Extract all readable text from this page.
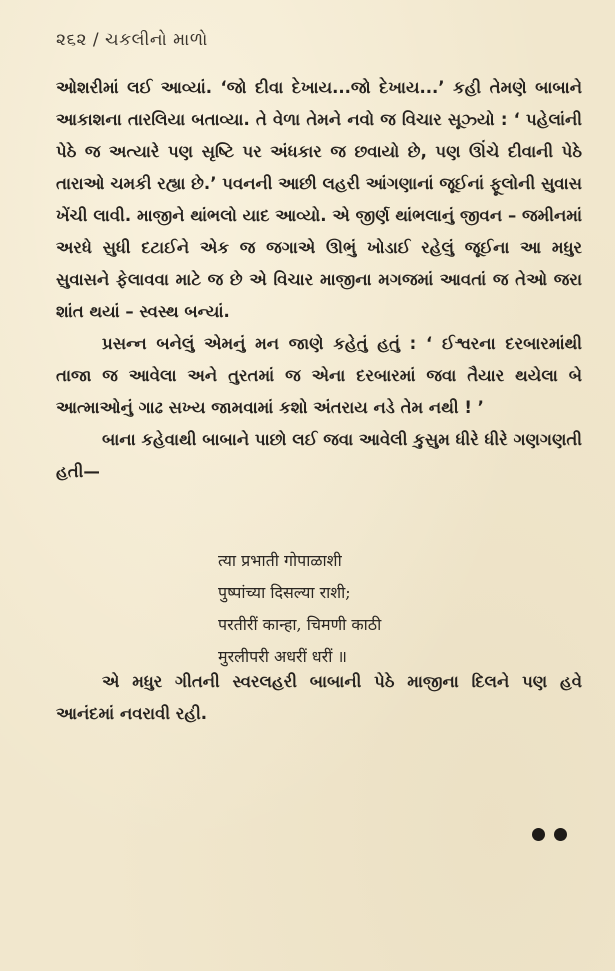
૨૬૨ / ચકલીનો માળો

ઓશરીમાં લઈ આવ્યાં. ‘જો દીવા દેખાય...જો દેખાય...’ કહી તેમણે બાબાને આકાશના તારલિયા બતાવ્યા. તે વેળા તેમને નવો જ વિચાર સૂઝ્યો : ‘ પહેલાંની પેઠે જ અત્યારે પણ સૃષ્ટિ પર અંધકાર જ છવાયો છે, પણ ઊંચે દીવાની પેઠે તારાઓ ચમકી રહ્યા છે.’ પવનની આછી લહરી આંગણાનાં જૂઈનાં ફૂલોની સુવાસ ખેંચી લાવી. માજીને થાંભલો યાદ આવ્યો. એ જીર્ણ થાંભલાનું જીવન – જમીનમાં અરધે સુધી દટાઈને એક જ જગાએ ઊભું ખોડાઈ રહેલું જૂઈના આ મધુર સુવાસને ફેલાવવા માટે જ છે એ વિચાર માજીના મગજમાં આવતાં જ તેઓ જરા શાંત થયાં – સ્વસ્થ બન્યાં.

પ્રસન્ન બનેલું એમનું મન જાણે કહેતું હતું : ‘ ઈશ્વરના દરબારમાંથી તાજા જ આવેલા અને તુરતમાં જ એના દરબારમાં જવા તૈયાર થયેલા બે આત્માઓનું ગાઢ સખ્ય જામવામાં કશો અંતરાય નડે તેમ નથી ! ’

બાના કહેવાથી બાબાને પાછો લઈ જવા આવેલી કુસુમ ધીરે ધીરે ગણગણતી હતી—

त्या प्रभाती गोपाळाशी
पुष्पांच्या दिसल्या राशी;
परतीरीं कान्हा, चिमणी काठी
मुरलीपरी अधरीं धरीं ॥

એ મધુર ગીતની સ્વરલહરી બાબાની પેઠે માજીના દિલને પણ હવે આનંદમાં નવરાવી રહી.
